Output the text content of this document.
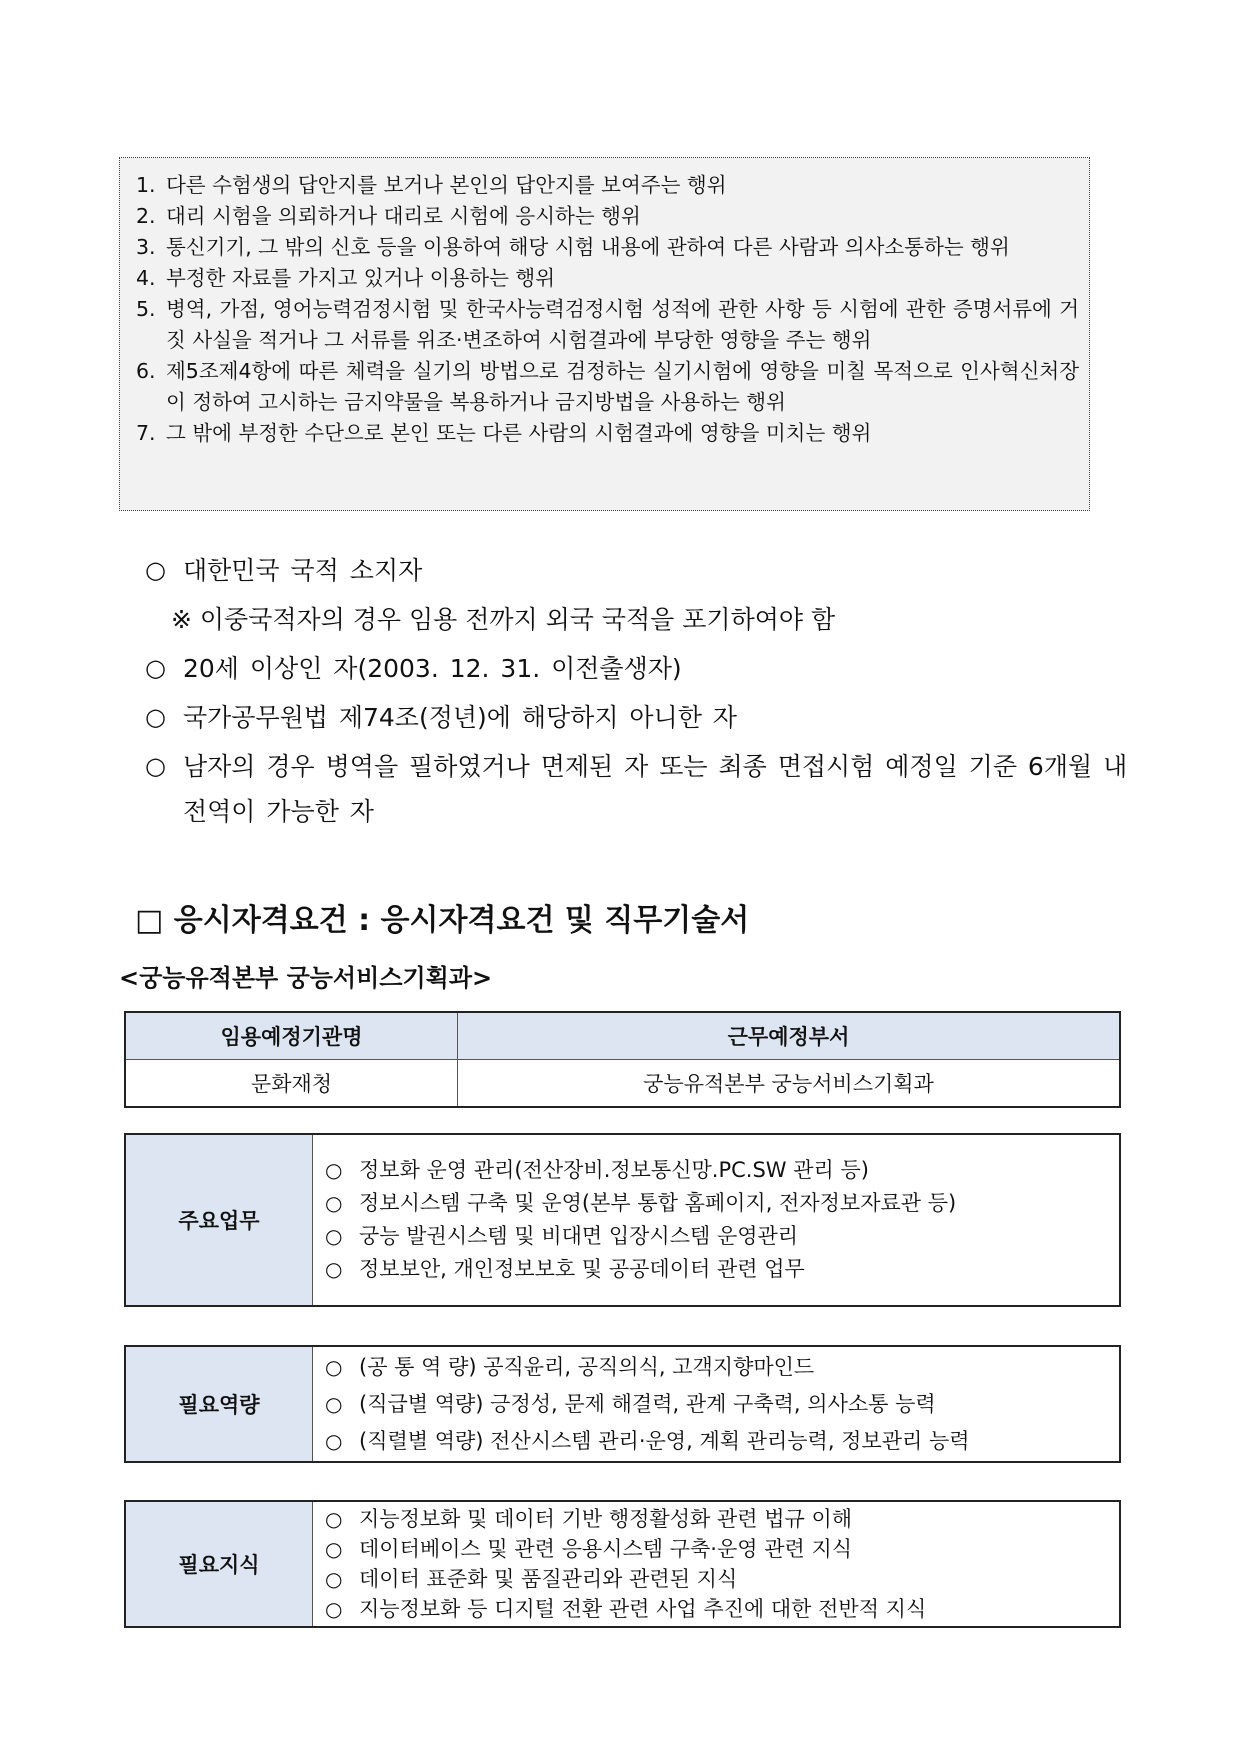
1. 다른 수험생의 답안지를 보거나 본인의 답안지를 보여주는 행위
2. 대리 시험을 의뢰하거나 대리로 시험에 응시하는 행위
3. 통신기기, 그 밖의 신호 등을 이용하여 해당 시험 내용에 관하여 다른 사람과 의사소통하는 행위
4. 부정한 자료를 가지고 있거나 이용하는 행위
5. 병역, 가점, 영어능력검정시험 및 한국사능력검정시험 성적에 관한 사항 등 시험에 관한 증명서류에 거짓 사실을 적거나 그 서류를 위조·변조하여 시험결과에 부당한 영향을 주는 행위
6. 제5조제4항에 따른 체력을 실기의 방법으로 검정하는 실기시험에 영향을 미칠 목적으로 인사혁신처장이 정하여 고시하는 금지약물을 복용하거나 금지방법을 사용하는 행위
7. 그 밖에 부정한 수단으로 본인 또는 다른 사람의 시험결과에 영향을 미치는 행위
○ 대한민국 국적 소지자
※ 이중국적자의 경우 임용 전까지 외국 국적을 포기하여야 함
○ 20세 이상인 자(2003. 12. 31. 이전출생자)
○ 국가공무원법 제74조(정년)에 해당하지 아니한 자
○ 남자의 경우 병역을 필하였거나 면제된 자 또는 최종 면접시험 예정일 기준 6개월 내 전역이 가능한 자
□ 응시자격요건 : 응시자격요건 및 직무기술서
<궁능유적본부 궁능서비스기획과>
임용예정기관명	근무예정부서
문화재청	궁능유적본부 궁능서비스기획과
주요업무	
○ 정보화 운영 관리(전산장비.정보통신망.PC.SW 관리 등)
○ 정보시스템 구축 및 운영(본부 통합 홈페이지, 전자정보자료관 등)
○ 궁능 발권시스템 및 비대면 입장시스템 운영관리
○ 정보보안, 개인정보보호 및 공공데이터 관련 업무
필요역량	
○ (공 통 역 량) 공직윤리, 공직의식, 고객지향마인드
○ (직급별 역량) 긍정성, 문제 해결력, 관계 구축력, 의사소통 능력
○ (직렬별 역량) 전산시스템 관리·운영, 계획 관리능력, 정보관리 능력
필요지식	
○ 지능정보화 및 데이터 기반 행정활성화 관련 법규 이해
○ 데이터베이스 및 관련 응용시스템 구축·운영 관련 지식
○ 데이터 표준화 및 품질관리와 관련된 지식
○ 지능정보화 등 디지털 전환 관련 사업 추진에 대한 전반적 지식
